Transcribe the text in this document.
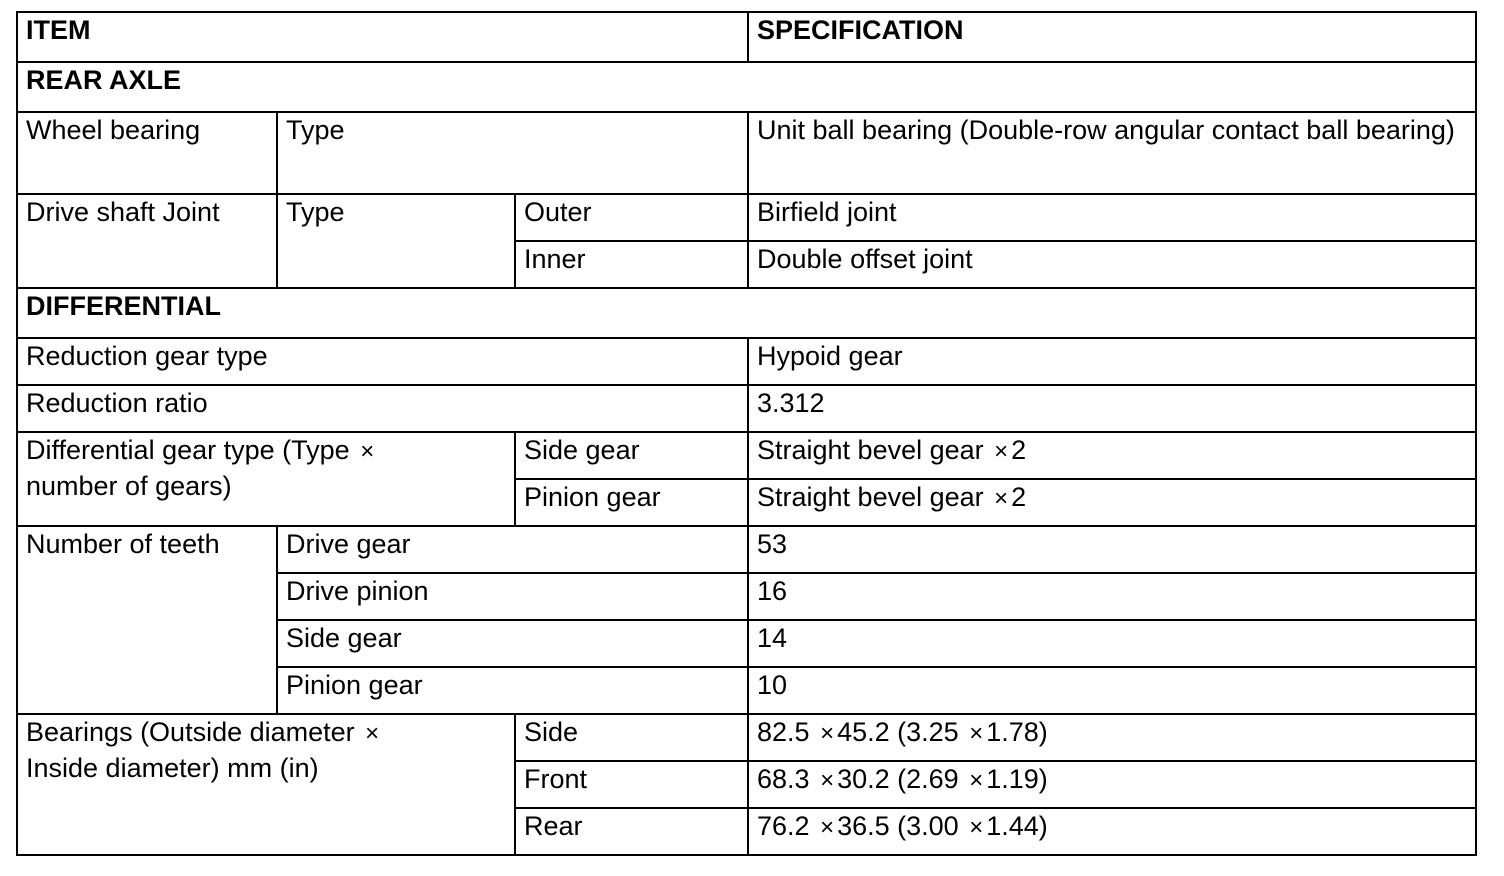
ITEM			SPECIFICATION
REAR AXLE			
Wheel bearing	Type		Unit ball bearing (Double-row angular contact ball bearing)
Drive shaft Joint	Type	Outer	Birfield joint
		Inner	Double offset joint
DIFFERENTIAL			
Reduction gear type			Hypoid gear
Reduction ratio			3.312
Differential gear type (Type ×
number of gears)		Side gear	Straight bevel gear × 2
		Pinion gear	Straight bevel gear × 2
Number of teeth	Drive gear		53
	Drive pinion		16
	Side gear		14
	Pinion gear		10
Bearings (Outside diameter ×
Inside diameter) mm (in)		Side	82.5 × 45.2 (3.25 × 1.78)
		Front	68.3 × 30.2 (2.69 × 1.19)
		Rear	76.2 × 36.5 (3.00 × 1.44)
